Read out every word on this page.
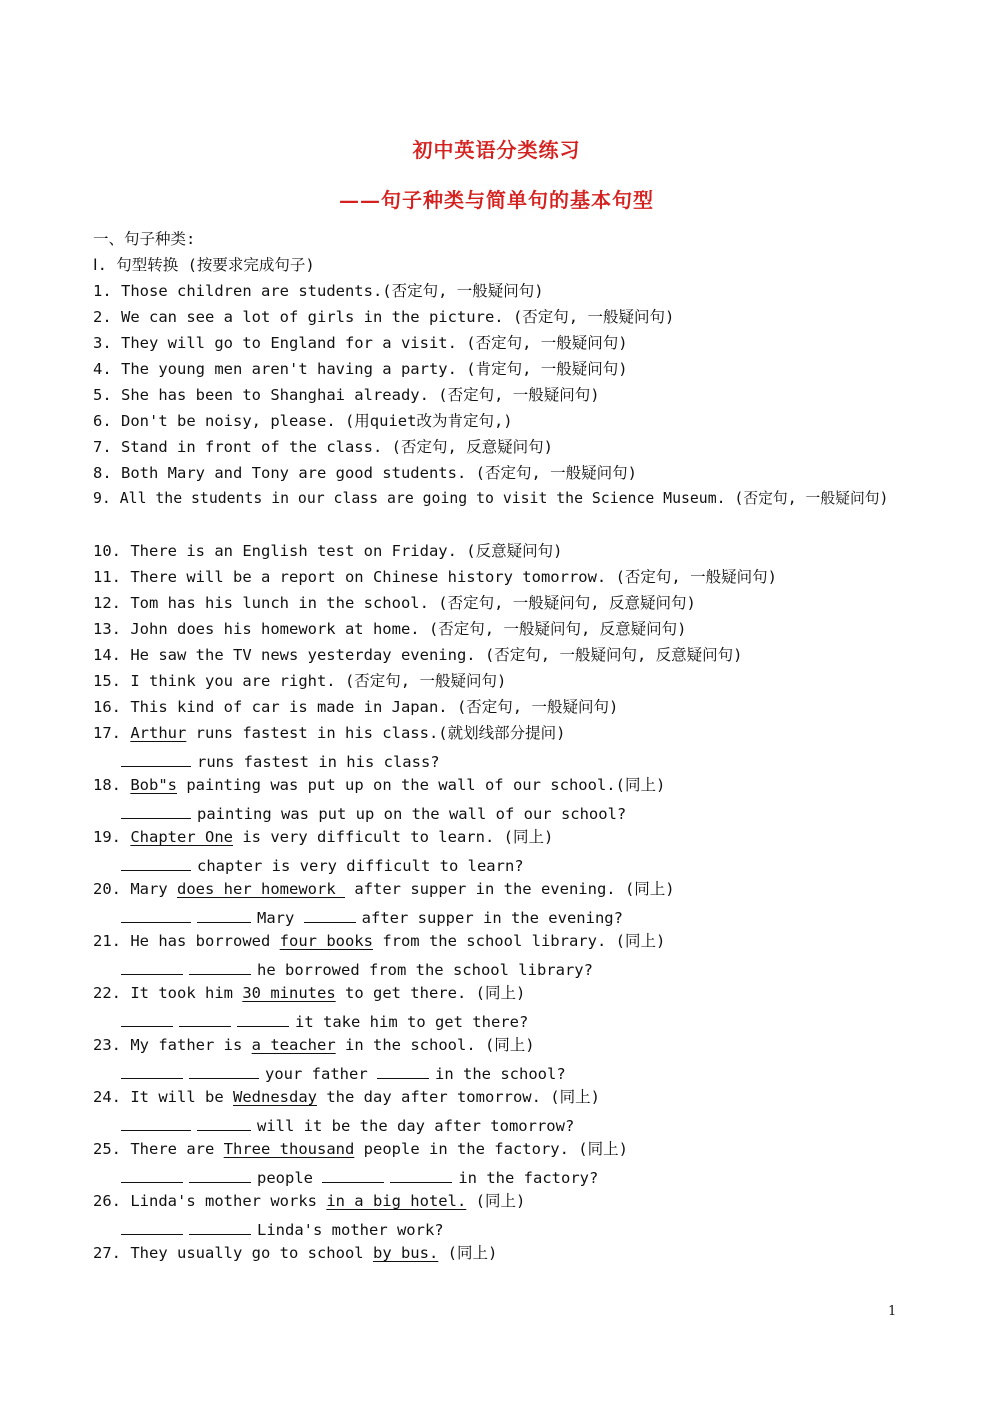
初中英语分类练习
——句子种类与简单句的基本句型
一、句子种类:
Ⅰ. 句型转换 (按要求完成句子)
1. Those children are students.(否定句, 一般疑问句)
2. We can see a lot of girls in the picture. (否定句, 一般疑问句)
3. They will go to England for a visit. (否定句, 一般疑问句)
4. The young men aren't having a party. (肯定句, 一般疑问句)
5. She has been to Shanghai already. (否定句, 一般疑问句)
6. Don't be noisy, please. (用quiet改为肯定句,)
7. Stand in front of the class. (否定句, 反意疑问句)
8. Both Mary and Tony are good students. (否定句, 一般疑问句)
9. All the students in our class are going to visit the Science Museum. (否定句, 一般疑问句)
10. There is an English test on Friday. (反意疑问句)
11. There will be a report on Chinese history tomorrow. (否定句, 一般疑问句)
12. Tom has his lunch in the school. (否定句, 一般疑问句, 反意疑问句)
13. John does his homework at home. (否定句, 一般疑问句, 反意疑问句)
14. He saw the TV news yesterday evening. (否定句, 一般疑问句, 反意疑问句)
15. I think you are right. (否定句, 一般疑问句)
16. This kind of car is made in Japan. (否定句, 一般疑问句)
17. Arthur runs fastest in his class.(就划线部分提问)
runs fastest in his class?
18. Bob"s painting was put up on the wall of our school.(同上)
painting was put up on the wall of our school?
19. Chapter One is very difficult to learn. (同上)
chapter is very difficult to learn?
20. Mary does her homework  after supper in the evening. (同上)
Mary	after supper in the evening?
21. He has borrowed four books from the school library. (同上)
he borrowed from the school library?
22. It took him 30 minutes to get there. (同上)
it take him to get there?
23. My father is a teacher in the school. (同上)
your father	in the school?
24. It will be Wednesday the day after tomorrow. (同上)
will it be the day after tomorrow?
25. There are Three thousand people in the factory. (同上)
people	in the factory?
26. Linda's mother works in a big hotel. (同上)
Linda's mother work?
27. They usually go to school by bus. (同上)
1
